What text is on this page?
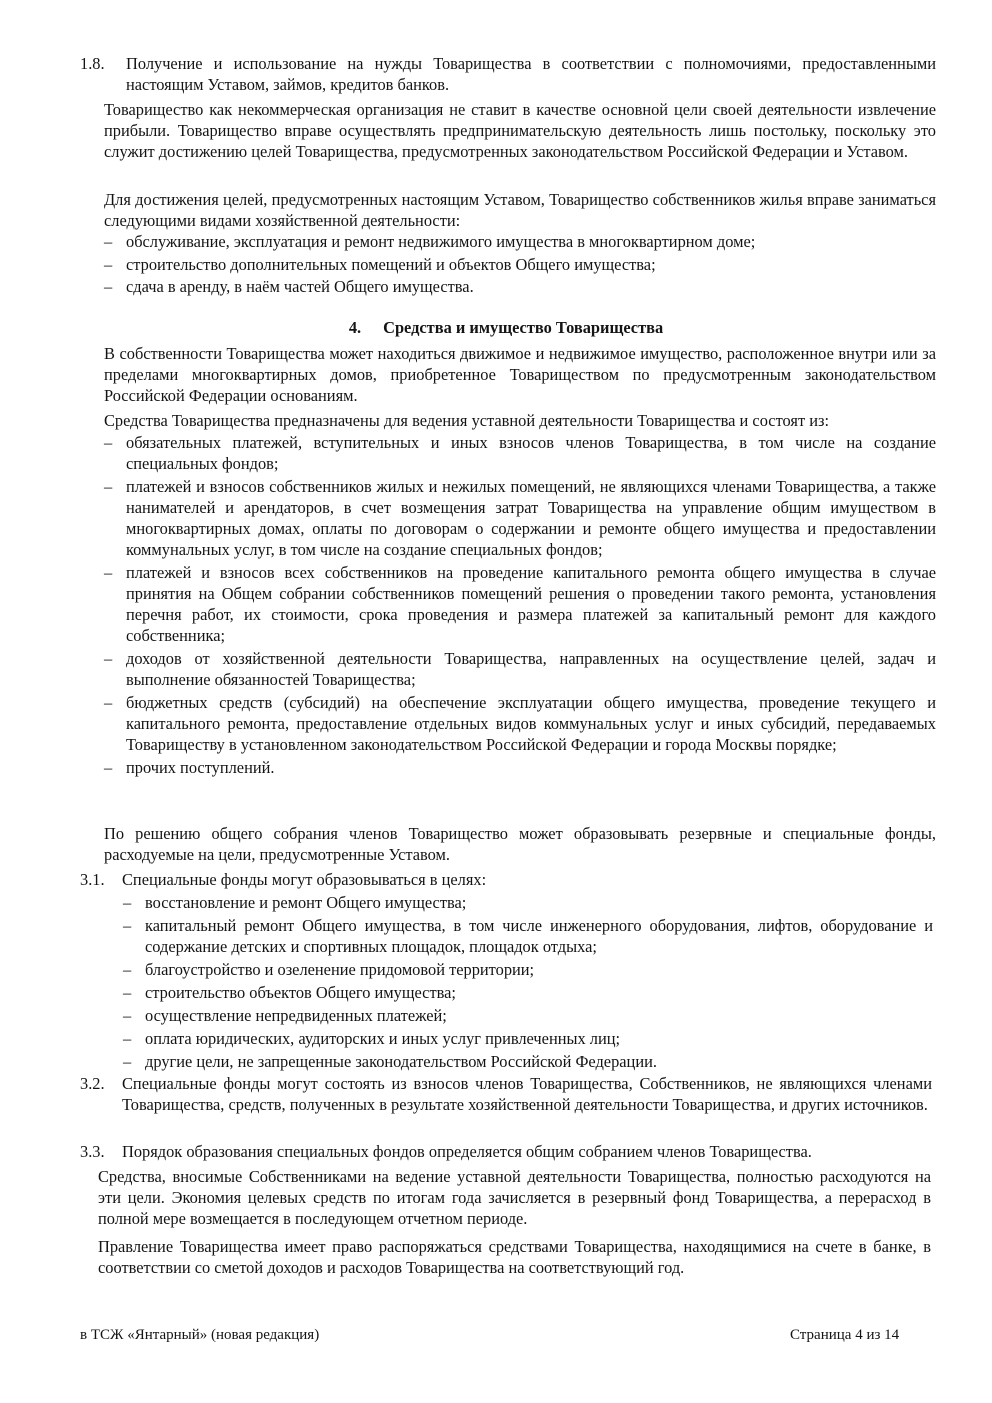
1.8. Получение и использование на нужды Товарищества в соответствии с полномочиями, предоставленными настоящим Уставом, займов, кредитов банков.
Товарищество как некоммерческая организация не ставит в качестве основной цели своей деятельности извлечение прибыли. Товарищество вправе осуществлять предпринимательскую деятельность лишь постольку, поскольку это служит достижению целей Товарищества, предусмотренных законодательством Российской Федерации и Уставом.
Для достижения целей, предусмотренных настоящим Уставом, Товарищество собственников жилья вправе заниматься следующими видами хозяйственной деятельности:
– обслуживание, эксплуатация и ремонт недвижимого имущества в многоквартирном доме;
– строительство дополнительных помещений и объектов Общего имущества;
– сдача в аренду, в наём частей Общего имущества.
4. Средства и имущество Товарищества
В собственности Товарищества может находиться движимое и недвижимое имущество, расположенное внутри или за пределами многоквартирных домов, приобретенное Товариществом по предусмотренным законодательством Российской Федерации основаниям.
Средства Товарищества предназначены для ведения уставной деятельности Товарищества и состоят из:
– обязательных платежей, вступительных и иных взносов членов Товарищества, в том числе на создание специальных фондов;
– платежей и взносов собственников жилых и нежилых помещений, не являющихся членами Товарищества, а также нанимателей и арендаторов, в счет возмещения затрат Товарищества на управление общим имуществом в многоквартирных домах, оплаты по договорам о содержании и ремонте общего имущества и предоставлении коммунальных услуг, в том числе на создание специальных фондов;
– платежей и взносов всех собственников на проведение капитального ремонта общего имущества в случае принятия на Общем собрании собственников помещений решения о проведении такого ремонта, установления перечня работ, их стоимости, срока проведения и размера платежей за капитальный ремонт для каждого собственника;
– доходов от хозяйственной деятельности Товарищества, направленных на осуществление целей, задач и выполнение обязанностей Товарищества;
– бюджетных средств (субсидий) на обеспечение эксплуатации общего имущества, проведение текущего и капитального ремонта, предоставление отдельных видов коммунальных услуг и иных субсидий, передаваемых Товариществу в установленном законодательством Российской Федерации и города Москвы порядке;
– прочих поступлений.
По решению общего собрания членов Товарищество может образовывать резервные и специальные фонды, расходуемые на цели, предусмотренные Уставом.
3.1. Специальные фонды могут образовываться в целях:
– восстановление и ремонт Общего имущества;
– капитальный ремонт Общего имущества, в том числе инженерного оборудования, лифтов, оборудование и содержание детских и спортивных площадок, площадок отдыха;
– благоустройство и озеленение придомовой территории;
– строительство объектов Общего имущества;
– осуществление непредвиденных платежей;
– оплата юридических, аудиторских и иных услуг привлеченных лиц;
– другие цели, не запрещенные законодательством Российской Федерации.
3.2. Специальные фонды могут состоять из взносов членов Товарищества, Собственников, не являющихся членами Товарищества, средств, полученных в результате хозяйственной деятельности Товарищества, и других источников.
3.3. Порядок образования специальных фондов определяется общим собранием членов Товарищества.
Средства, вносимые Собственниками на ведение уставной деятельности Товарищества, полностью расходуются на эти цели. Экономия целевых средств по итогам года зачисляется в резервный фонд Товарищества, а перерасход в полной мере возмещается в последующем отчетном периоде.
Правление Товарищества имеет право распоряжаться средствами Товарищества, находящимися на счете в банке, в соответствии со сметой доходов и расходов Товарищества на соответствующий год.
в ТСЖ «Янтарный» (новая редакция)	Страница 4 из 14
